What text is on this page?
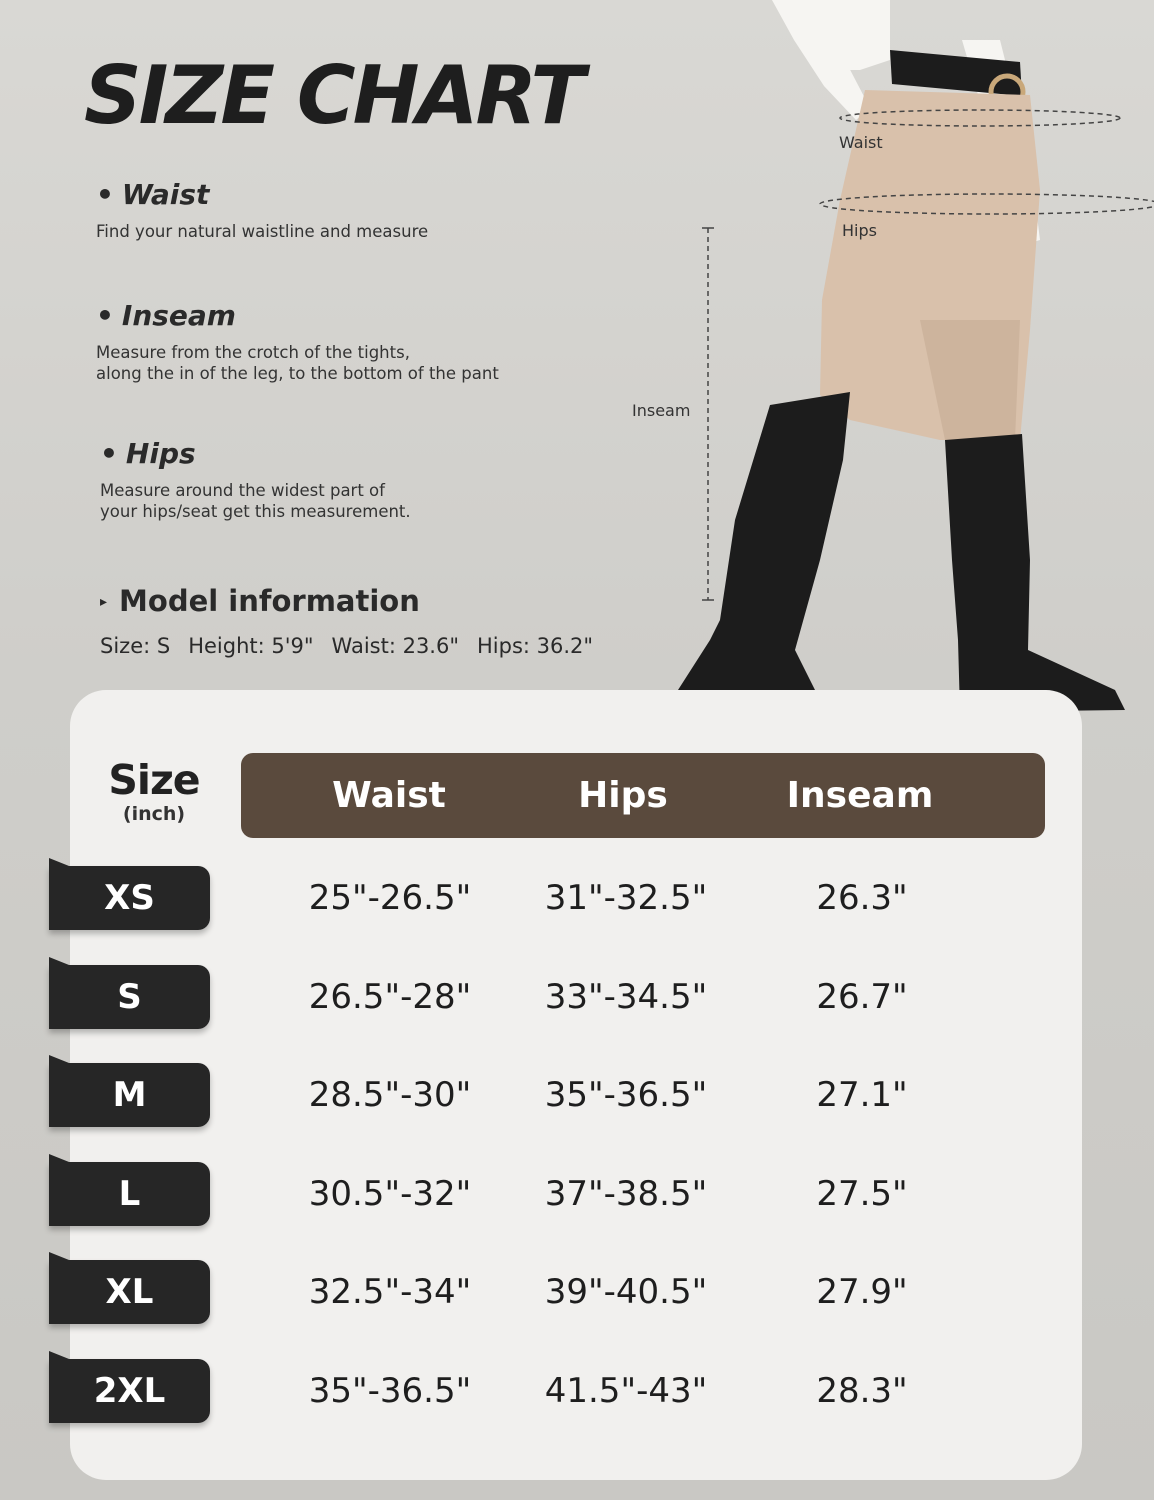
SIZE CHART
• Waist

Find your natural waistline and measure

• Inseam

Measure from the crotch of the tights,
along the in of the leg, to the bottom of the pant

• Hips

Measure around the widest part of
your hips/seat get this measurement.

▸ Model information
Size: S Height: 5'9" Waist: 23.6" Hips: 36.2"
Waist
Hips
Inseam
Size
(inch)	Waist	Hips	Inseam
XS	25"-26.5"	31"-32.5"	26.3"
S	26.5"-28"	33"-34.5"	26.7"
M	28.5"-30"	35"-36.5"	27.1"
L	30.5"-32"	37"-38.5"	27.5"
XL	32.5"-34"	39"-40.5"	27.9"
2XL	35"-36.5"	41.5"-43"	28.3"
